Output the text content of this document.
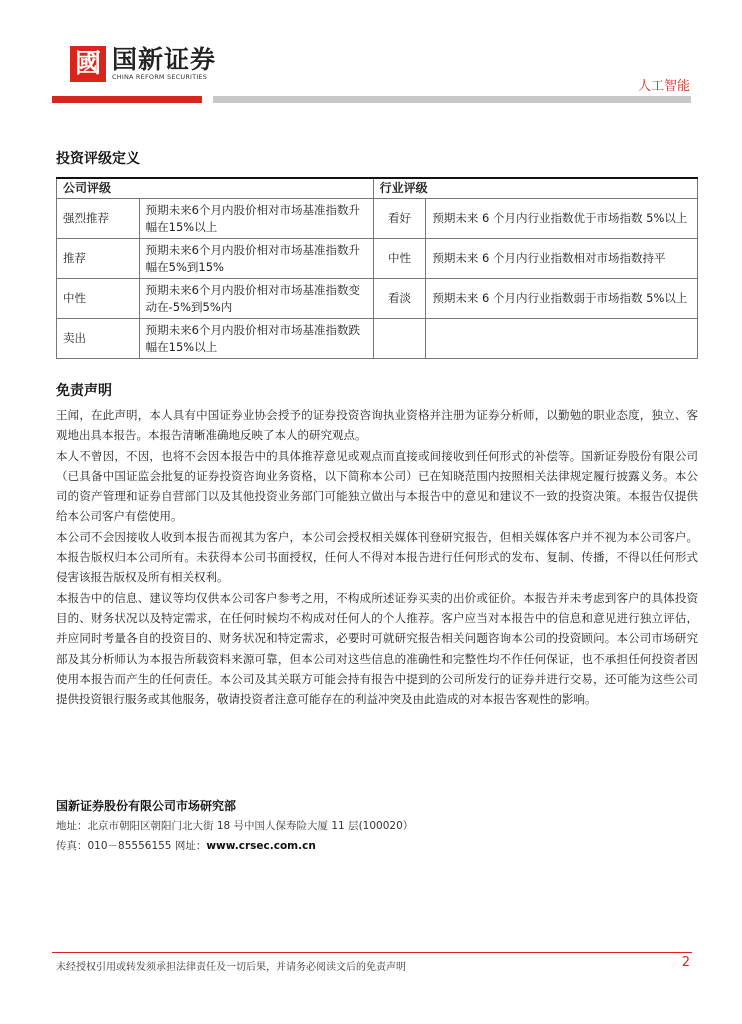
國 国新证券
CHINA REFORM SECURITIES
人工智能
投资评级定义
公司评级		行业评级	
强烈推荐	预期未来6个月内股价相对市场基准指数升幅在15%以上	看好	预期未来 6 个月内行业指数优于市场指数 5%以上
推荐	预期未来6个月内股价相对市场基准指数升幅在5%到15%	中性	预期未来 6 个月内行业指数相对市场指数持平
中性	预期未来6个月内股价相对市场基准指数变动在-5%到5%内	看淡	预期未来 6 个月内行业指数弱于市场指数 5%以上
卖出	预期未来6个月内股价相对市场基准指数跌幅在15%以上		
免责声明

王闻，在此声明，本人具有中国证券业协会授予的证券投资咨询执业资格并注册为证券分析师，以勤勉的职业态度，独立、客观地出具本报告。本报告清晰准确地反映了本人的研究观点。

本人不曾因，不因，也将不会因本报告中的具体推荐意见或观点而直接或间接收到任何形式的补偿等。国新证券股份有限公司（已具备中国证监会批复的证券投资咨询业务资格，以下简称本公司）已在知晓范围内按照相关法律规定履行披露义务。本公司的资产管理和证券自营部门以及其他投资业务部门可能独立做出与本报告中的意见和建议不一致的投资决策。本报告仅提供给本公司客户有偿使用。

本公司不会因接收人收到本报告而视其为客户，本公司会授权相关媒体刊登研究报告，但相关媒体客户并不视为本公司客户。本报告版权归本公司所有。未获得本公司书面授权，任何人不得对本报告进行任何形式的发布、复制、传播，不得以任何形式侵害该报告版权及所有相关权利。

本报告中的信息、建议等均仅供本公司客户参考之用，不构成所述证券买卖的出价或征价。本报告并未考虑到客户的具体投资目的、财务状况以及特定需求，在任何时候均不构成对任何人的个人推荐。客户应当对本报告中的信息和意见进行独立评估，并应同时考量各自的投资目的、财务状况和特定需求，必要时可就研究报告相关问题咨询本公司的投资顾问。本公司市场研究部及其分析师认为本报告所载资料来源可靠，但本公司对这些信息的准确性和完整性均不作任何保证，也不承担任何投资者因使用本报告而产生的任何责任。本公司及其关联方可能会持有报告中提到的公司所发行的证券并进行交易，还可能为这些公司提供投资银行服务或其他服务，敬请投资者注意可能存在的利益冲突及由此造成的对本报告客观性的影响。

国新证券股份有限公司市场研究部
地址：北京市朝阳区朝阳门北大街 18 号中国人保寿险大厦 11 层(100020）
传真：010－85556155 网址：www.crsec.com.cn
未经授权引用或转发须承担法律责任及一切后果，并请务必阅读文后的免责声明	2
